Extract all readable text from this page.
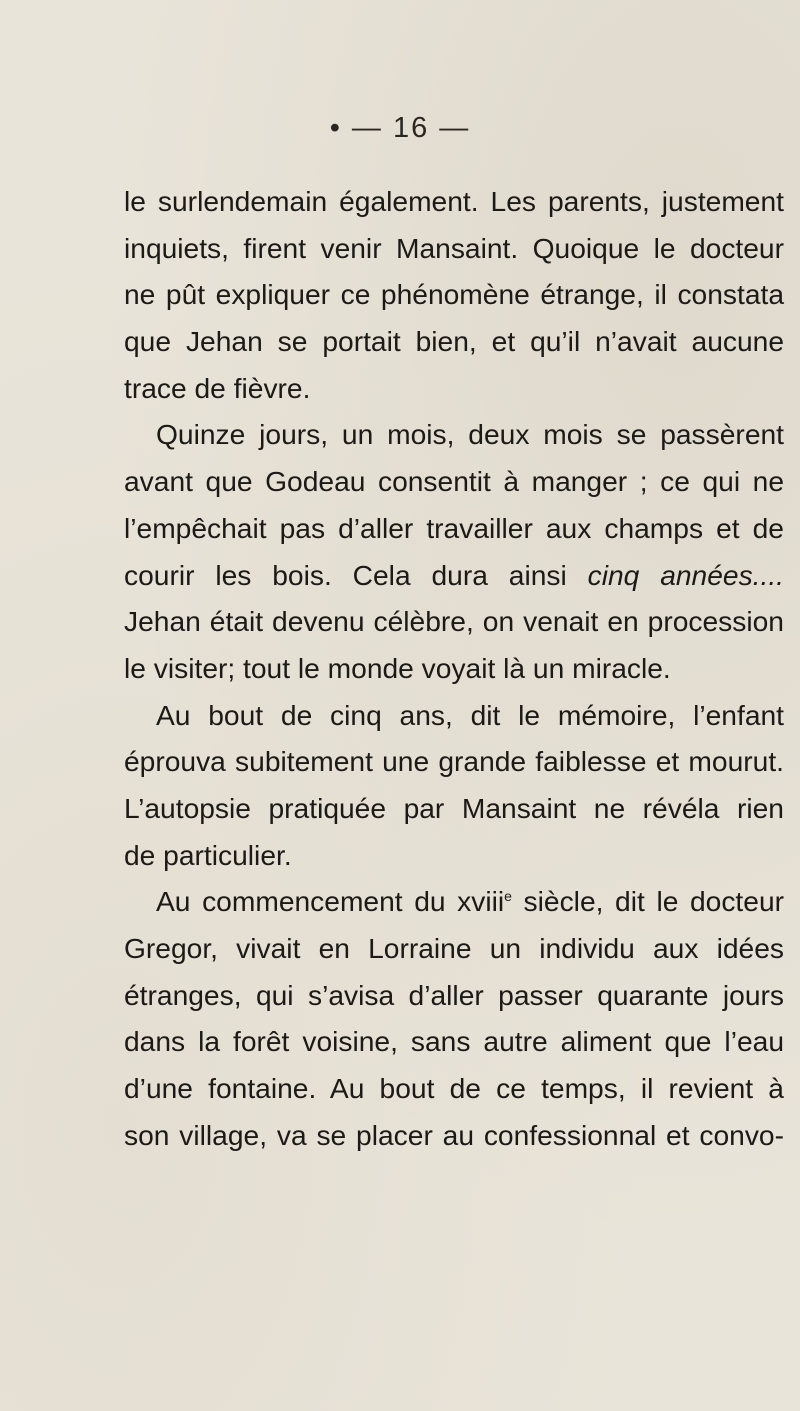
• — 16 —
le surlendemain également. Les parents, justement
inquiets, firent venir Mansaint. Quoique le docteur
ne pût expliquer ce phénomène étrange, il constata
que Jehan se portait bien, et qu’il n’avait aucune
trace de fièvre.
Quinze jours, un mois, deux mois se passèrent
avant que Godeau consentit à manger ; ce qui ne
l’empêchait pas d’aller travailler aux champs et de
courir les bois. Cela dura ainsi cinq années....
Jehan était devenu célèbre, on venait en procession
le visiter; tout le monde voyait là un miracle.
Au bout de cinq ans, dit le mémoire, l’enfant
éprouva subitement une grande faiblesse et mourut.
L’autopsie pratiquée par Mansaint ne révéla rien
de particulier.
Au commencement du xviii$^e$ siècle, dit le docteur
Gregor, vivait en Lorraine un individu aux idées
étranges, qui s’avisa d’aller passer quarante jours
dans la forêt voisine, sans autre aliment que l’eau
d’une fontaine. Au bout de ce temps, il revient à
son village, va se placer au confessionnal et convo-
